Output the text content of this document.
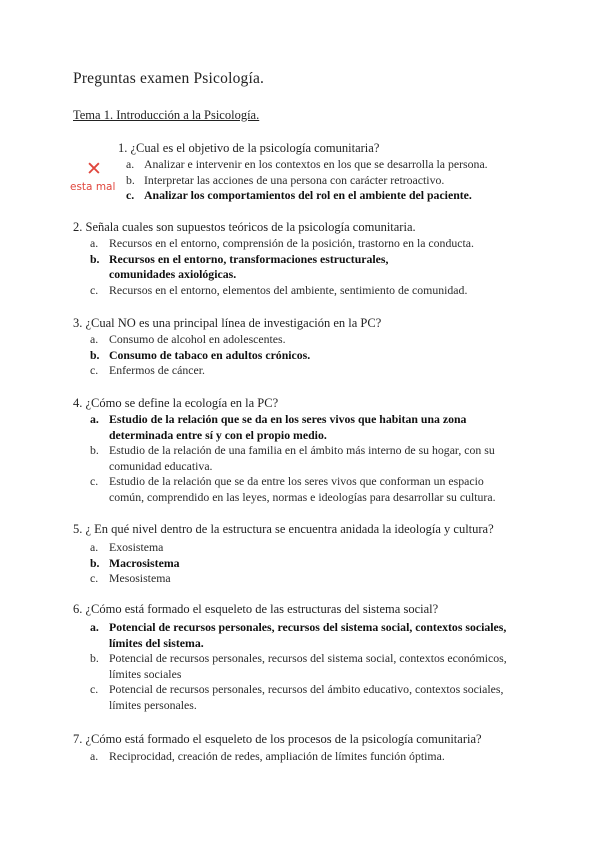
Preguntas examen Psicología.
Tema 1. Introducción a la Psicología.
✕
esta mal
1. ¿Cual es el objetivo de la psicología comunitaria?
a. Analizar e intervenir en los contextos en los que se desarrolla la persona.
b. Interpretar las acciones de una persona con carácter retroactivo.
c. Analizar los comportamientos del rol en el ambiente del paciente.
2. Señala cuales son supuestos teóricos de la psicología comunitaria.
a. Recursos en el entorno, comprensión de la posición, trastorno en la conducta.
b. Recursos en el entorno, transformaciones estructurales, comunidades axiológicas.
c. Recursos en el entorno, elementos del ambiente, sentimiento de comunidad.
3. ¿Cual NO es una principal línea de investigación en la PC?
a. Consumo de alcohol en adolescentes.
b. Consumo de tabaco en adultos crónicos.
c. Enfermos de cáncer.
4. ¿Cómo se define la ecología en la PC?
a. Estudio de la relación que se da en los seres vivos que habitan una zona determinada entre sí y con el propio medio.
b. Estudio de la relación de una familia en el ámbito más interno de su hogar, con su comunidad educativa.
c. Estudio de la relación que se da entre los seres vivos que conforman un espacio común, comprendido en las leyes, normas e ideologías para desarrollar su cultura.
5. ¿ En qué nivel dentro de la estructura se encuentra anidada la ideología y cultura?
a. Exosistema
b. Macrosistema
c. Mesosistema
6. ¿Cómo está formado el esqueleto de las estructuras del sistema social?
a. Potencial de recursos personales, recursos del sistema social, contextos sociales, límites del sistema.
b. Potencial de recursos personales, recursos del sistema social, contextos económicos, límites sociales
c. Potencial de recursos personales, recursos del ámbito educativo, contextos sociales, límites personales.
7. ¿Cómo está formado el esqueleto de los procesos de la psicología comunitaria?
a. Reciprocidad, creación de redes, ampliación de límites función óptima.
